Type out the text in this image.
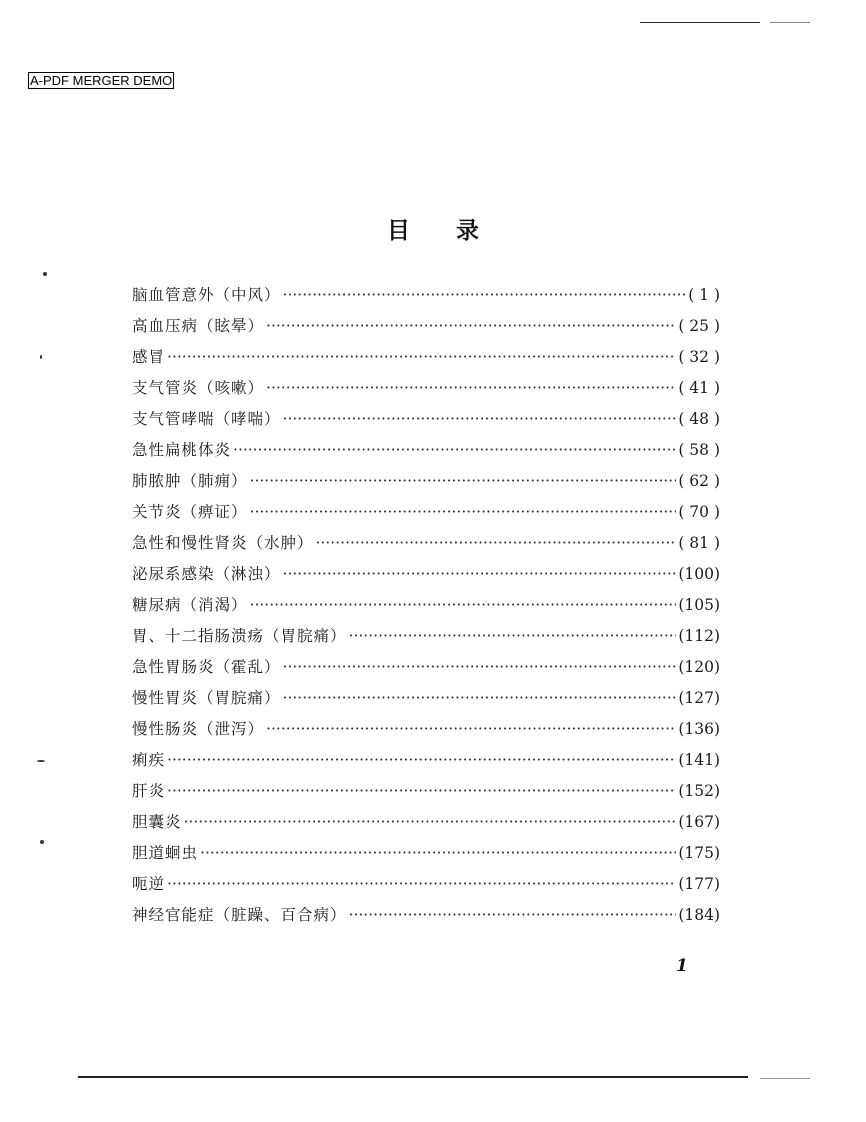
A-PDF MERGER DEMO
目录
脑血管意外（中风） ·····	( 1 )
高血压病（眩晕） ·····	( 25 )
感冒 ·····	( 32 )
支气管炎（咳嗽） ·····	( 41 )
支气管哮喘（哮喘） ·····	( 48 )
急性扁桃体炎 ·····	( 58 )
肺脓肿（肺痈） ·····	( 62 )
关节炎（痹证） ·····	( 70 )
急性和慢性肾炎（水肿） ·····	( 81 )
泌尿系感染（淋浊） ·····	(100)
糖尿病（消渴） ·····	(105)
胃、十二指肠溃疡（胃脘痛） ·····	(112)
急性胃肠炎（霍乱） ·····	(120)
慢性胃炎（胃脘痛） ·····	(127)
慢性肠炎（泄泻） ·····	(136)
痢疾 ·····	(141)
肝炎 ·····	(152)
胆囊炎 ·····	(167)
胆道蛔虫 ·····	(175)
呃逆 ·····	(177)
神经官能症（脏躁、百合病） ·····	(184)
1
